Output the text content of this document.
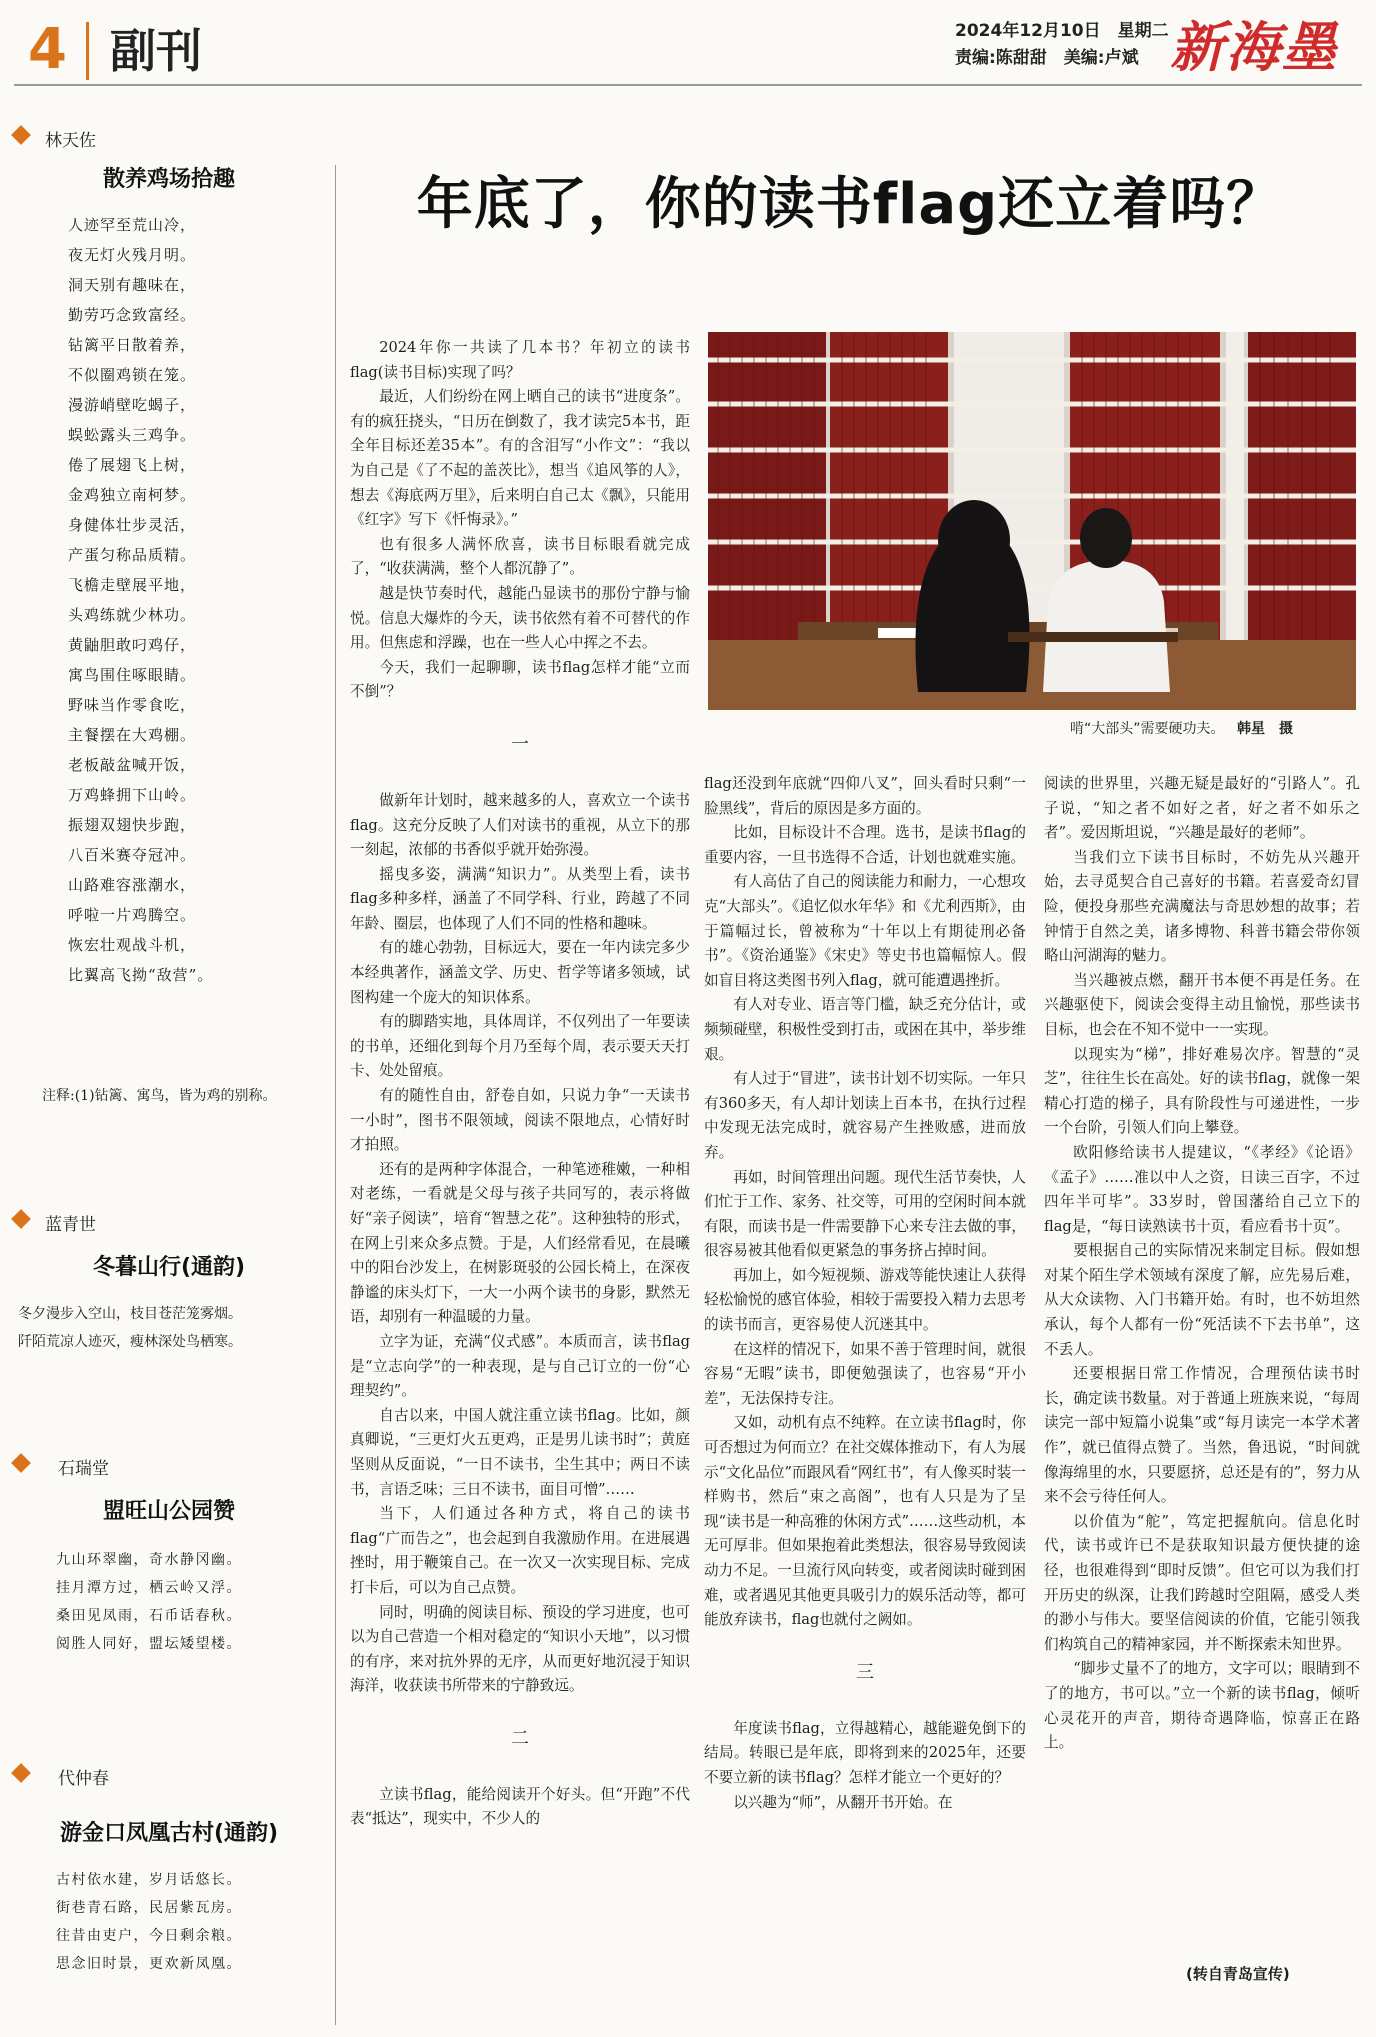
4 副刊	2024年12月10日　星期二
责编:陈甜甜　美编:卢斌 新海墨
林天佐
散养鸡场拾趣
人迹罕至荒山冷，
夜无灯火残月明。
洞天别有趣味在，
勤劳巧念致富经。
钻篱平日散着养，
不似圈鸡锁在笼。
漫游峭壁吃蝎子，
蜈蚣露头三鸡争。
倦了展翅飞上树，
金鸡独立南柯梦。
身健体壮步灵活，
产蛋匀称品质精。
飞檐走壁展平地，
头鸡练就少林功。
黄鼬胆敢叼鸡仔，
寓鸟围住啄眼睛。
野味当作零食吃，
主餐摆在大鸡棚。
老板敲盆喊开饭，
万鸡蜂拥下山岭。
振翅双翅快步跑，
八百米赛夺冠冲。
山路难容涨潮水，
呼啦一片鸡腾空。
恢宏壮观战斗机，
比翼高飞拗“敌营”。
注释:(1)钻篱、寓鸟，皆为鸡的别称。
蓝青世
冬暮山行(通韵)
冬夕漫步入空山，枝目苍茫笼雾烟。
阡陌荒凉人迹灭，瘦林深处鸟栖寒。
石瑞堂
盟旺山公园赞
九山环翠幽，奇水静冈幽。
挂月潭方过，栖云岭又浮。
桑田见凤雨，石币话春秋。
阅胜人同好，盟坛矮望楼。
代仲春
游金口凤凰古村(通韵)
古村依水建，岁月话悠长。
街巷青石路，民居紫瓦房。
往昔由吏户，今日剩余粮。
思念旧时景，更欢新凤凰。
年底了，你的读书flag还立着吗？
啃“大部头”需要硬功夫。 韩星　摄

2024年你一共读了几本书？年初立的读书flag(读书目标)实现了吗？

最近，人们纷纷在网上晒自己的读书“进度条”。有的疯狂挠头，“日历在倒数了，我才读完5本书，距全年目标还差35本”。有的含泪写“小作文”：“我以为自己是《了不起的盖茨比》，想当《追风筝的人》，想去《海底两万里》，后来明白自己太《飘》，只能用《红字》写下《忏悔录》。”

也有很多人满怀欣喜，读书目标眼看就完成了，“收获满满，整个人都沉静了”。

越是快节奏时代，越能凸显读书的那份宁静与愉悦。信息大爆炸的今天，读书依然有着不可替代的作用。但焦虑和浮躁，也在一些人心中挥之不去。

今天，我们一起聊聊，读书flag怎样才能“立而不倒”？

一

做新年计划时，越来越多的人，喜欢立一个读书flag。这充分反映了人们对读书的重视，从立下的那一刻起，浓郁的书香似乎就开始弥漫。

摇曳多姿，满满“知识力”。从类型上看，读书flag多种多样，涵盖了不同学科、行业，跨越了不同年龄、圈层，也体现了人们不同的性格和趣味。

有的雄心勃勃，目标远大，要在一年内读完多少本经典著作，涵盖文学、历史、哲学等诸多领域，试图构建一个庞大的知识体系。

有的脚踏实地，具体周详，不仅列出了一年要读的书单，还细化到每个月乃至每个周，表示要天天打卡、处处留痕。

有的随性自由，舒卷自如，只说力争“一天读书一小时”，图书不限领域，阅读不限地点，心情好时才拍照。

还有的是两种字体混合，一种笔迹稚嫩，一种相对老练，一看就是父母与孩子共同写的，表示将做好“亲子阅读”，培育“智慧之花”。这种独特的形式，在网上引来众多点赞。于是，人们经常看见，在晨曦中的阳台沙发上，在树影斑驳的公园长椅上，在深夜静谧的床头灯下，一大一小两个读书的身影，默然无语，却别有一种温暖的力量。

立字为证，充满“仪式感”。本质而言，读书flag是“立志向学”的一种表现，是与自己订立的一份“心理契约”。

自古以来，中国人就注重立读书flag。比如，颜真卿说，“三更灯火五更鸡，正是男儿读书时”；黄庭坚则从反面说，“一日不读书，尘生其中；两日不读书，言语乏味；三日不读书，面目可憎”……

当下，人们通过各种方式，将自己的读书flag“广而告之”，也会起到自我激励作用。在进展遇挫时，用于鞭策自己。在一次又一次实现目标、完成打卡后，可以为自己点赞。

同时，明确的阅读目标、预设的学习进度，也可以为自己营造一个相对稳定的“知识小天地”，以习惯的有序，来对抗外界的无序，从而更好地沉浸于知识海洋，收获读书所带来的宁静致远。

二

立读书flag，能给阅读开个好头。但“开跑”不代表“抵达”，现实中，不少人的

flag还没到年底就“四仰八叉”，回头看时只剩“一脸黑线”，背后的原因是多方面的。

比如，目标设计不合理。选书，是读书flag的重要内容，一旦书选得不合适，计划也就难实施。

有人高估了自己的阅读能力和耐力，一心想攻克“大部头”。《追忆似水年华》和《尤利西斯》，由于篇幅过长，曾被称为“十年以上有期徒刑必备书”。《资治通鉴》《宋史》等史书也篇幅惊人。假如盲目将这类图书列入flag，就可能遭遇挫折。

有人对专业、语言等门槛，缺乏充分估计，或频频碰壁，积极性受到打击，或困在其中，举步维艰。

有人过于“冒进”，读书计划不切实际。一年只有360多天，有人却计划读上百本书，在执行过程中发现无法完成时，就容易产生挫败感，进而放弃。

再如，时间管理出问题。现代生活节奏快，人们忙于工作、家务、社交等，可用的空闲时间本就有限，而读书是一件需要静下心来专注去做的事，很容易被其他看似更紧急的事务挤占掉时间。

再加上，如今短视频、游戏等能快速让人获得轻松愉悦的感官体验，相较于需要投入精力去思考的读书而言，更容易使人沉迷其中。

在这样的情况下，如果不善于管理时间，就很容易“无暇”读书，即便勉强读了，也容易“开小差”，无法保持专注。

又如，动机有点不纯粹。在立读书flag时，你可否想过为何而立？在社交媒体推动下，有人为展示“文化品位”而跟风看“网红书”，有人像买时装一样购书，然后“束之高阁”，也有人只是为了呈现“读书是一种高雅的休闲方式”……这些动机，本无可厚非。但如果抱着此类想法，很容易导致阅读动力不足。一旦流行风向转变，或者阅读时碰到困难，或者遇见其他更具吸引力的娱乐活动等，都可能放弃读书，flag也就付之阙如。

三

年度读书flag，立得越精心，越能避免倒下的结局。转眼已是年底，即将到来的2025年，还要不要立新的读书flag？怎样才能立一个更好的？

以兴趣为“师”，从翻开书开始。在

阅读的世界里，兴趣无疑是最好的“引路人”。孔子说，“知之者不如好之者，好之者不如乐之者”。爱因斯坦说，“兴趣是最好的老师”。

当我们立下读书目标时，不妨先从兴趣开始，去寻觅契合自己喜好的书籍。若喜爱奇幻冒险，便投身那些充满魔法与奇思妙想的故事；若钟情于自然之美，诸多博物、科普书籍会带你领略山河湖海的魅力。

当兴趣被点燃，翻开书本便不再是任务。在兴趣驱使下，阅读会变得主动且愉悦，那些读书目标，也会在不知不觉中一一实现。

以现实为“梯”，排好难易次序。智慧的“灵芝”，往往生长在高处。好的读书flag，就像一架精心打造的梯子，具有阶段性与可递进性，一步一个台阶，引领人们向上攀登。

欧阳修给读书人提建议，“《孝经》《论语》《孟子》……准以中人之资，日读三百字，不过四年半可毕”。33岁时，曾国藩给自己立下的flag是，“每日读熟读书十页，看应看书十页”。

要根据自己的实际情况来制定目标。假如想对某个陌生学术领域有深度了解，应先易后难，从大众读物、入门书籍开始。有时，也不妨坦然承认，每个人都有一份“死活读不下去书单”，这不丢人。

还要根据日常工作情况，合理预估读书时长，确定读书数量。对于普通上班族来说，“每周读完一部中短篇小说集”或“每月读完一本学术著作”，就已值得点赞了。当然，鲁迅说，“时间就像海绵里的水，只要愿挤，总还是有的”，努力从来不会亏待任何人。

以价值为“舵”，笃定把握航向。信息化时代，读书或许已不是获取知识最方便快捷的途径，也很难得到“即时反馈”。但它可以为我们打开历史的纵深，让我们跨越时空阻隔，感受人类的渺小与伟大。要坚信阅读的价值，它能引领我们构筑自己的精神家园，并不断探索未知世界。

“脚步丈量不了的地方，文字可以；眼睛到不了的地方，书可以。”立一个新的读书flag，倾听心灵花开的声音，期待奇遇降临，惊喜正在路上。

(转自青岛宣传)
